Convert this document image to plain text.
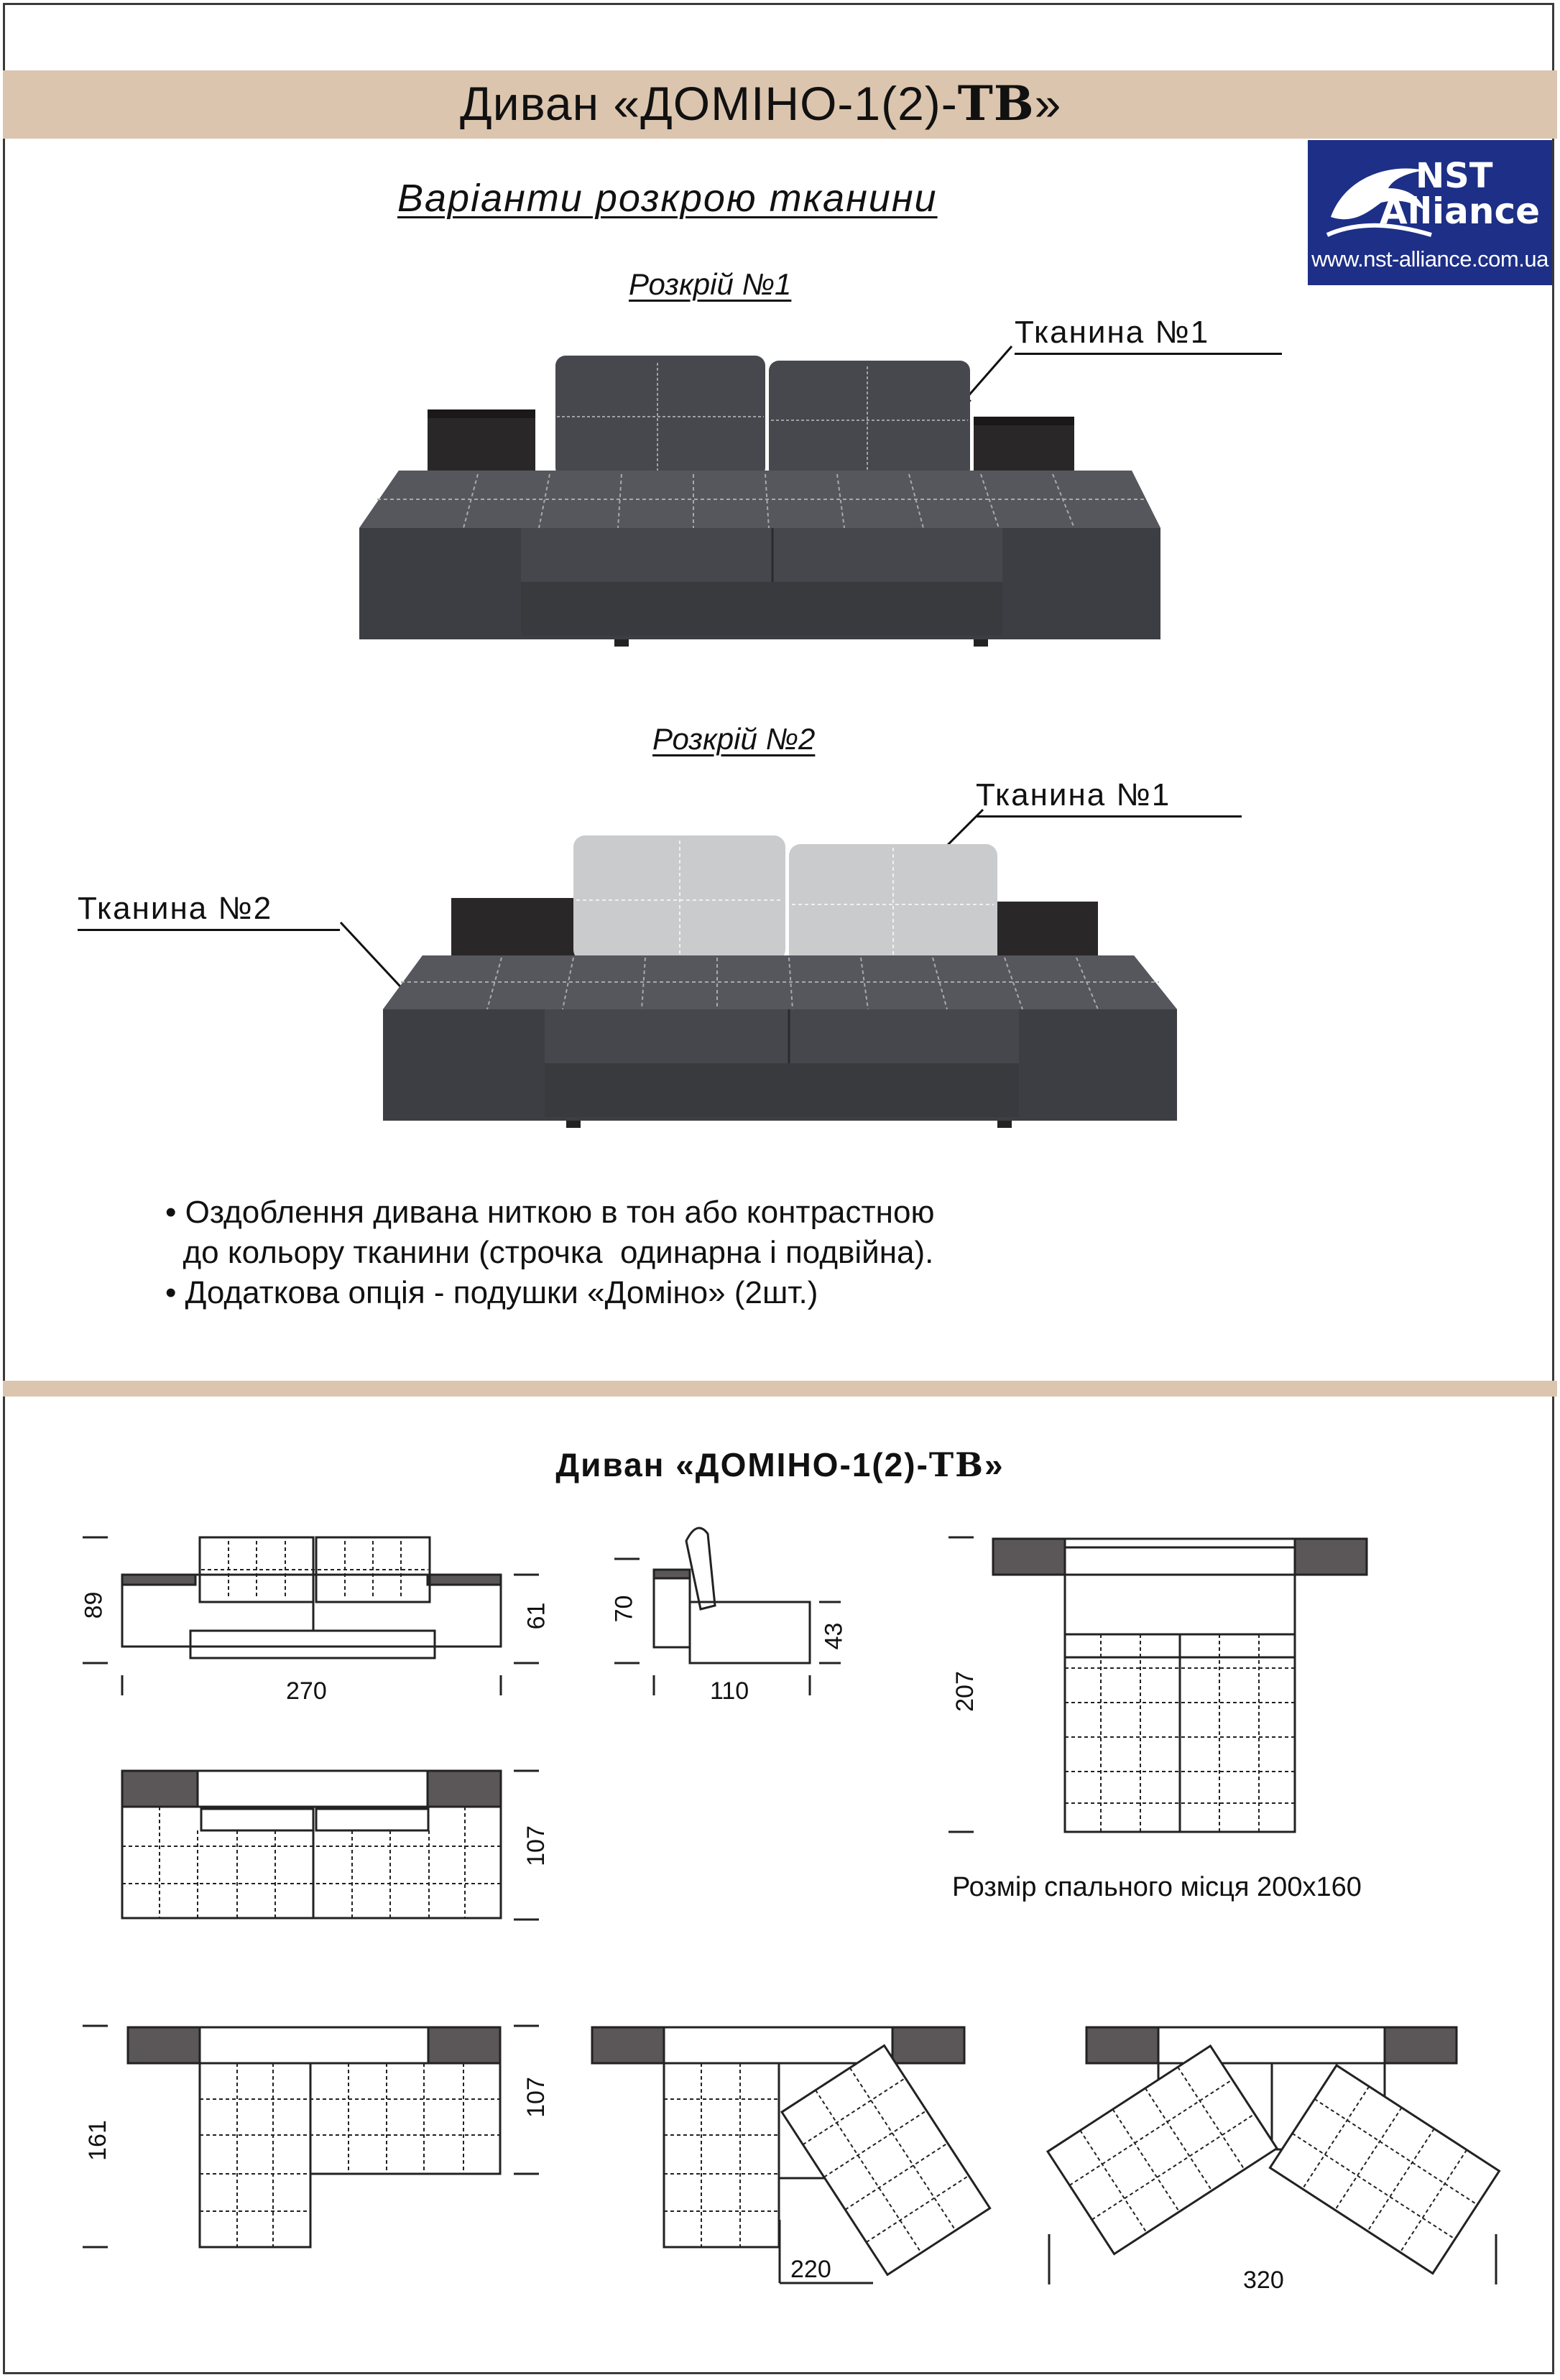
Диван «ДОМІНО-1(2)-ТВ»
NST
Alliance
www.nst-alliance.com.ua
Варіанти розкрою тканини
Розкрій №1
Тканина №1
Розкрій №2
Тканина №1
Тканина №2
• Оздоблення дивана ниткою в тон або контрастною
до кольору тканини (строчка  одинарна і подвійна).
• Додаткова опція - подушки «Доміно» (2шт.)
Диван «ДОМІНО-1(2)-ТВ»
89	61
270
70
43
110	207
Розмір спального місця 200х160
107
161
107
220	320
